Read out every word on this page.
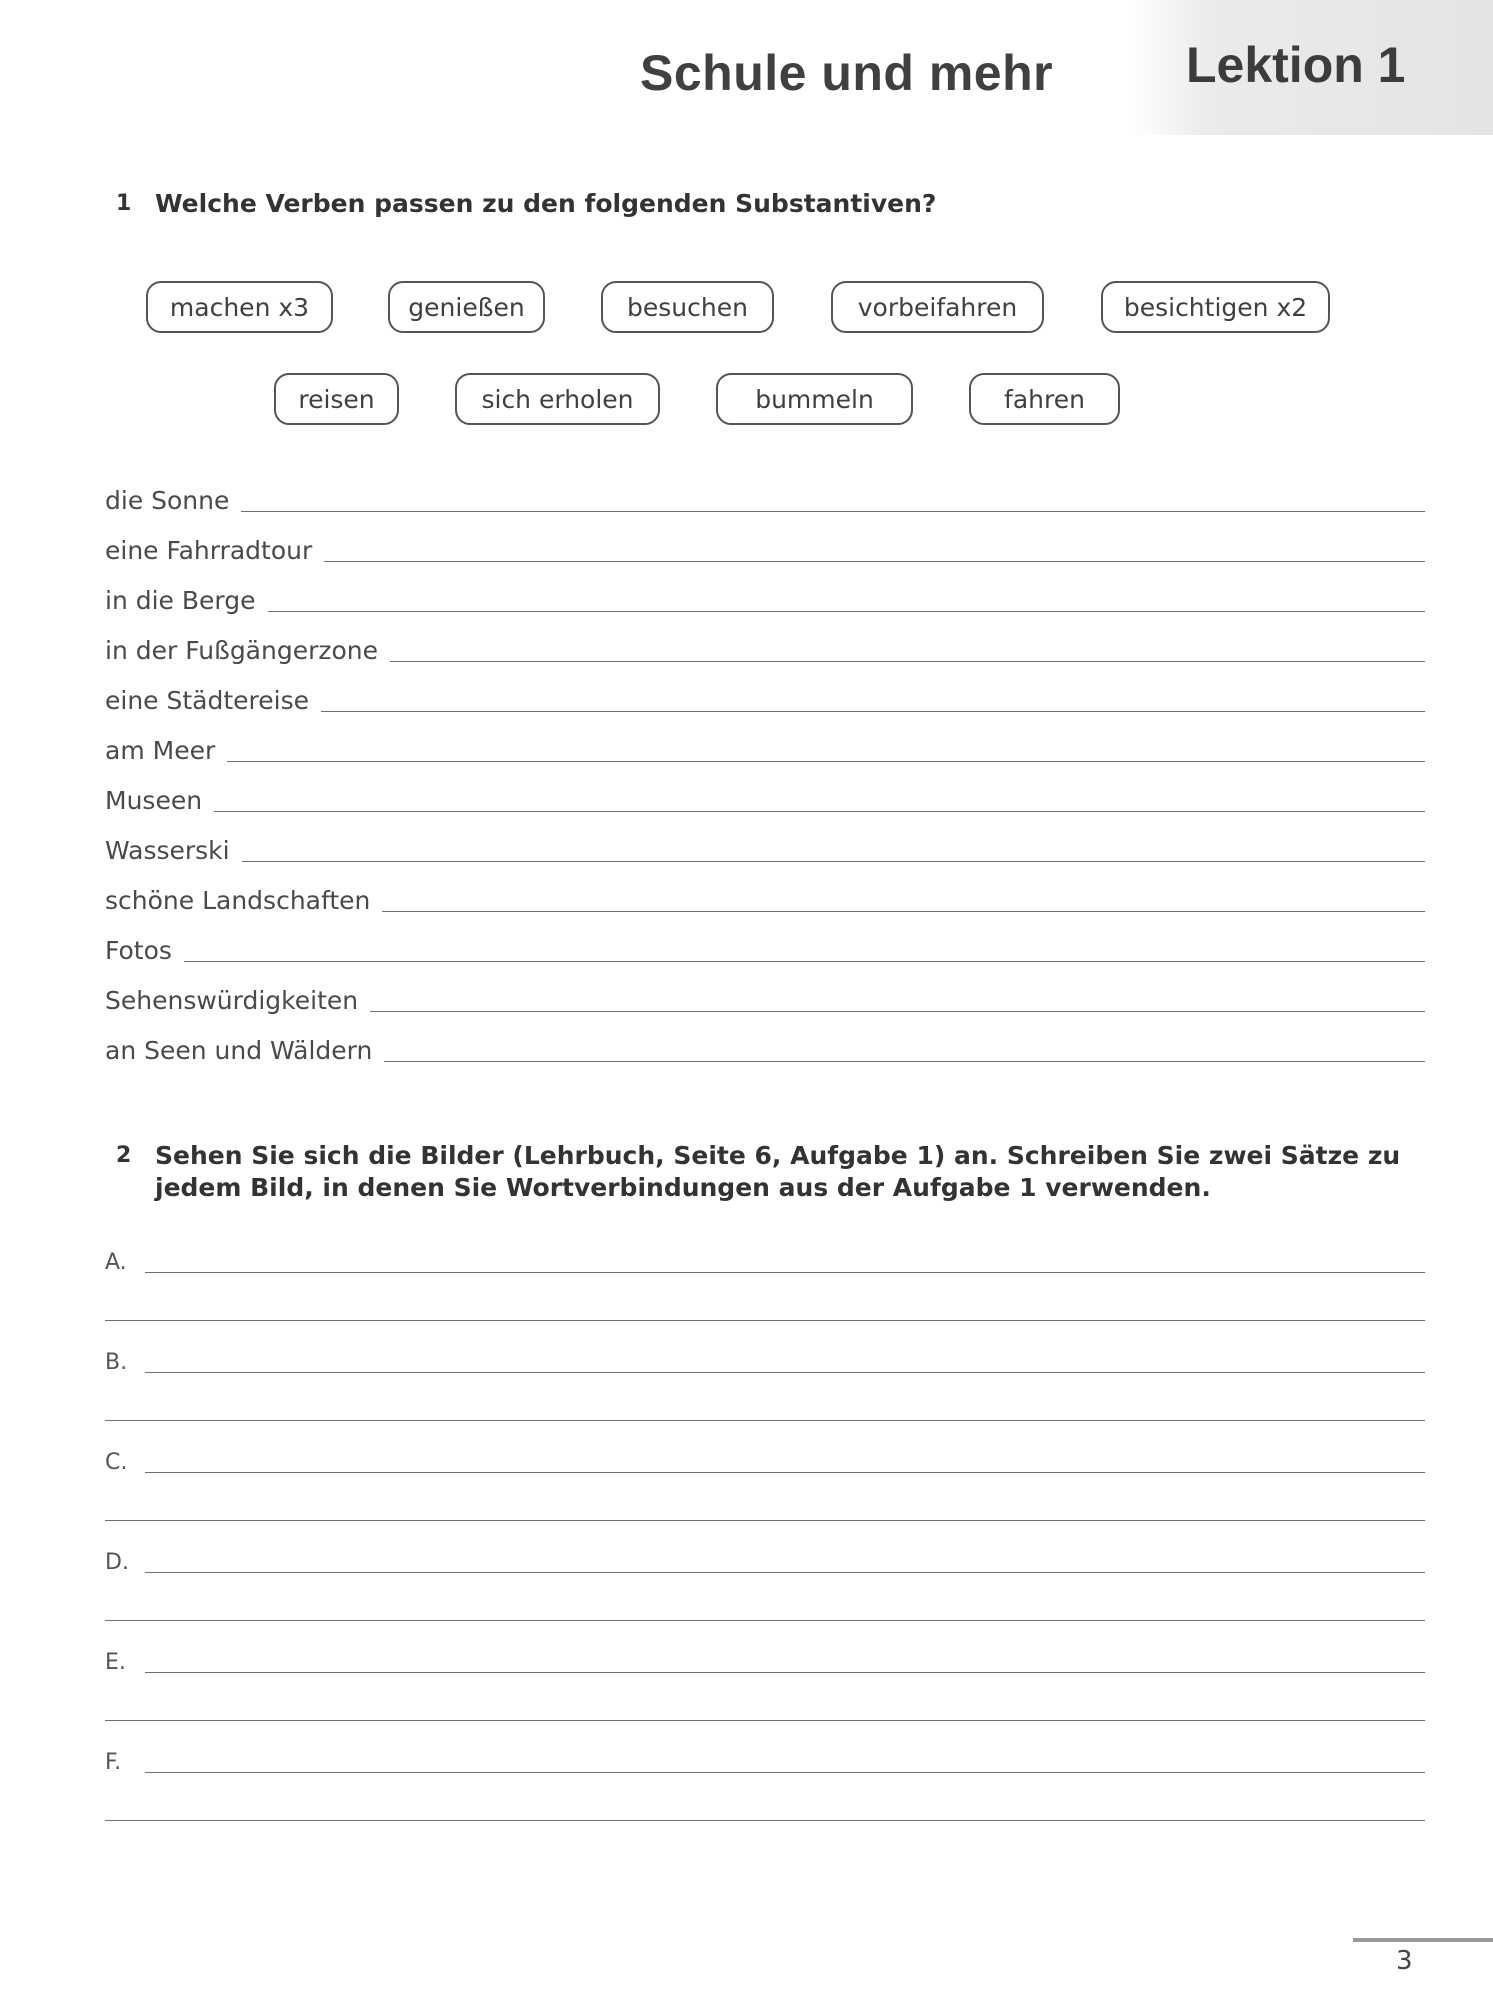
Schule und mehr	Lektion 1

1 Welche Verben passen zu den folgenden Substantiven?

machen x3	genießen	besuchen	vorbeifahren	besichtigen x2
reisen	sich erholen	bummeln	fahren
die Sonne
eine Fahrradtour
in die Berge
in der Fußgängerzone
eine Städtereise
am Meer
Museen
Wasserski
schöne Landschaften
Fotos
Sehenswürdigkeiten
an Seen und Wäldern

2 Sehen Sie sich die Bilder (Lehrbuch, Seite 6, Aufgabe 1) an. Schreiben Sie zwei Sätze zu jedem Bild, in denen Sie Wortverbindungen aus der Aufgabe 1 verwenden.

A.
B.
C.
D.
E.
F.

3
